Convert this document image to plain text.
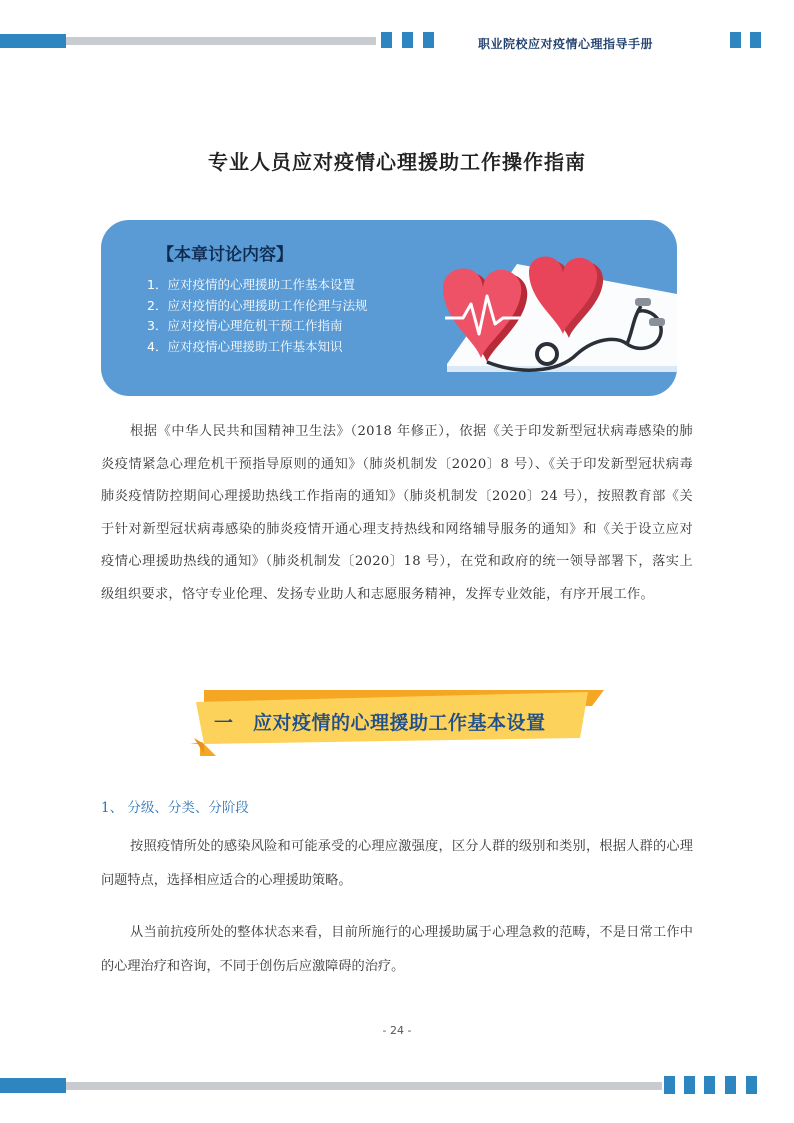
职业院校应对疫情心理指导手册
专业人员应对疫情心理援助工作操作指南
【本章讨论内容】
1．应对疫情的心理援助工作基本设置
2．应对疫情的心理援助工作伦理与法规
3．应对疫情心理危机干预工作指南
4．应对疫情心理援助工作基本知识

根据《中华人民共和国精神卫生法》（2018 年修正），依据《关于印发新型冠状病毒感染的肺炎疫情紧急心理危机干预指导原则的通知》（肺炎机制发〔2020〕8 号）、《关于印发新型冠状病毒肺炎疫情防控期间心理援助热线工作指南的通知》（肺炎机制发〔2020〕24 号），按照教育部《关于针对新型冠状病毒感染的肺炎疫情开通心理支持热线和网络辅导服务的通知》和《关于设立应对疫情心理援助热线的通知》（肺炎机制发〔2020〕18 号），在党和政府的统一领导部署下，落实上级组织要求，恪守专业伦理、发扬专业助人和志愿服务精神，发挥专业效能，有序开展工作。

一　应对疫情的心理援助工作基本设置
1、 分级、分类、分阶段

按照疫情所处的感染风险和可能承受的心理应激强度，区分人群的级别和类别，根据人群的心理问题特点，选择相应适合的心理援助策略。

从当前抗疫所处的整体状态来看，目前所施行的心理援助属于心理急救的范畴，不是日常工作中的心理治疗和咨询，不同于创伤后应激障碍的治疗。

- 24 -
